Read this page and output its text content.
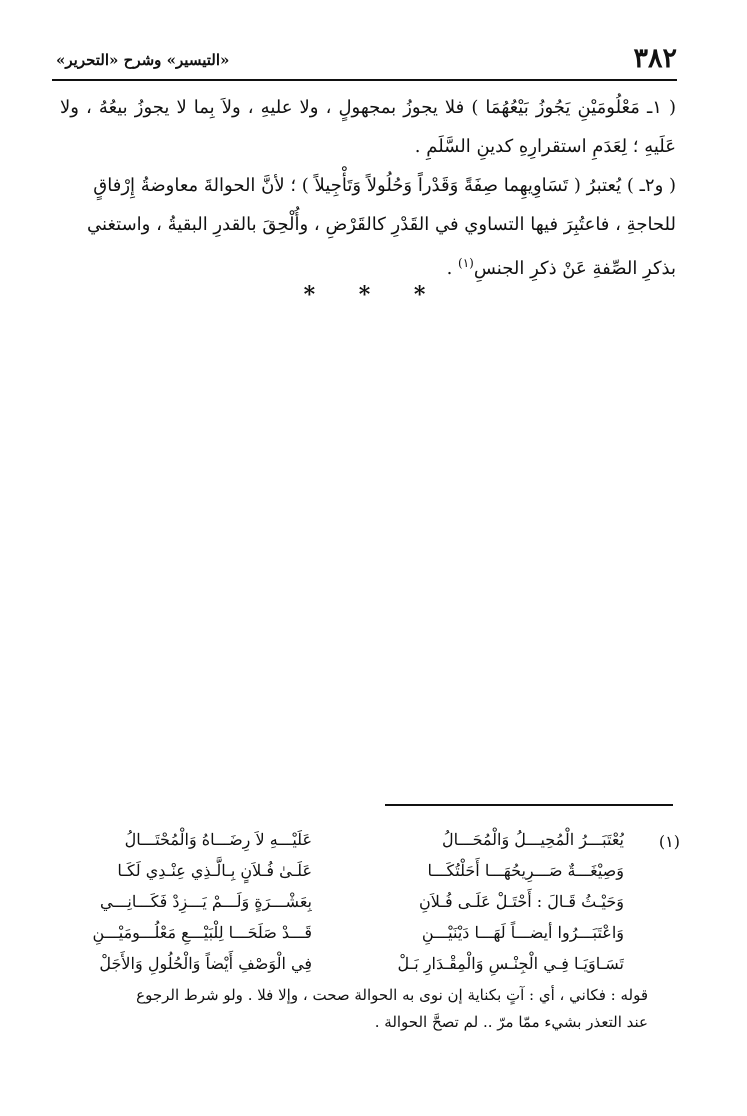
٣٨٢
«التيسير» وشرح «التحرير»

( ١ـ مَعْلُومَيْنِ يَجُوزُ بَيْعُهُمَا ) فلا يجوزُ بمجهولٍ ، ولا عليهِ ، ولاَ بِما لا يجوزُ بيعُهُ ، ولا عَلَيهِ ؛ لِعَدَمِ استقرارِهِ كدينِ السَّلَمِ .

( و٢ـ ) يُعتبرُ ( تَسَاوِيهِما صِفَةً وَقَدْراً وَحُلُولاً وَتَأْجِيلاً ) ؛ لأنَّ الحوالةَ معاوضةُ إِرْفاقٍ للحاجةِ ، فاعتُبِرَ فيها التساوي في القَدْرِ كالقَرْضِ ، وأُلْحِقَ بالقدرِ البقيةُ ، واستغني بذكرِ الصِّفةِ عَنْ ذكرِ الجنسِ$^{(١)}$ .

* * *
(١)
يُعْتَبَـــرُ الْمُحِيـــلُ وَالْمُحَـــالُ
عَلَيْـــهِ لاَ رِضَـــاهُ وَالْمُحْتَـــالُ
وَصِيْغَـــةٌ صَـــرِيحُهَـــا أَحَلْتُكَـــا
عَلَـىٰ فُـلاَنٍ بِـالَّـذِي عِنْـدِي لَكَـا
وَحَيْـثُ قَـالَ : أَحْتَـلْ عَلَـى فُـلاَنِ
بِعَشْـــرَةٍ وَلَـــمْ يَـــزِدْ فَكَـــانِـــي
وَاعْتَبَـــرُوا أيضـــاً لَهَـــا دَيْنَيْـــنِ
قَـــدْ صَلَحَـــا لِلْبَيْـــعِ مَعْلُـــومَيْـــنِ
تَسَـاوَيَـا فِـي الْجِنْـسِ وَالْمِقْـدَارِ بَـلْ
فِي الْوَصْفِ أَيْضاً وَالْحُلُولِ وَالأَجَلْ
قوله : فكاني ، أي : آتٍ بكناية إن نوى به الحوالة صحت ، وإلا فلا . ولو شرط الرجوع
عند التعذر بشيء ممّا مرّ .. لم تصحَّ الحوالة .
